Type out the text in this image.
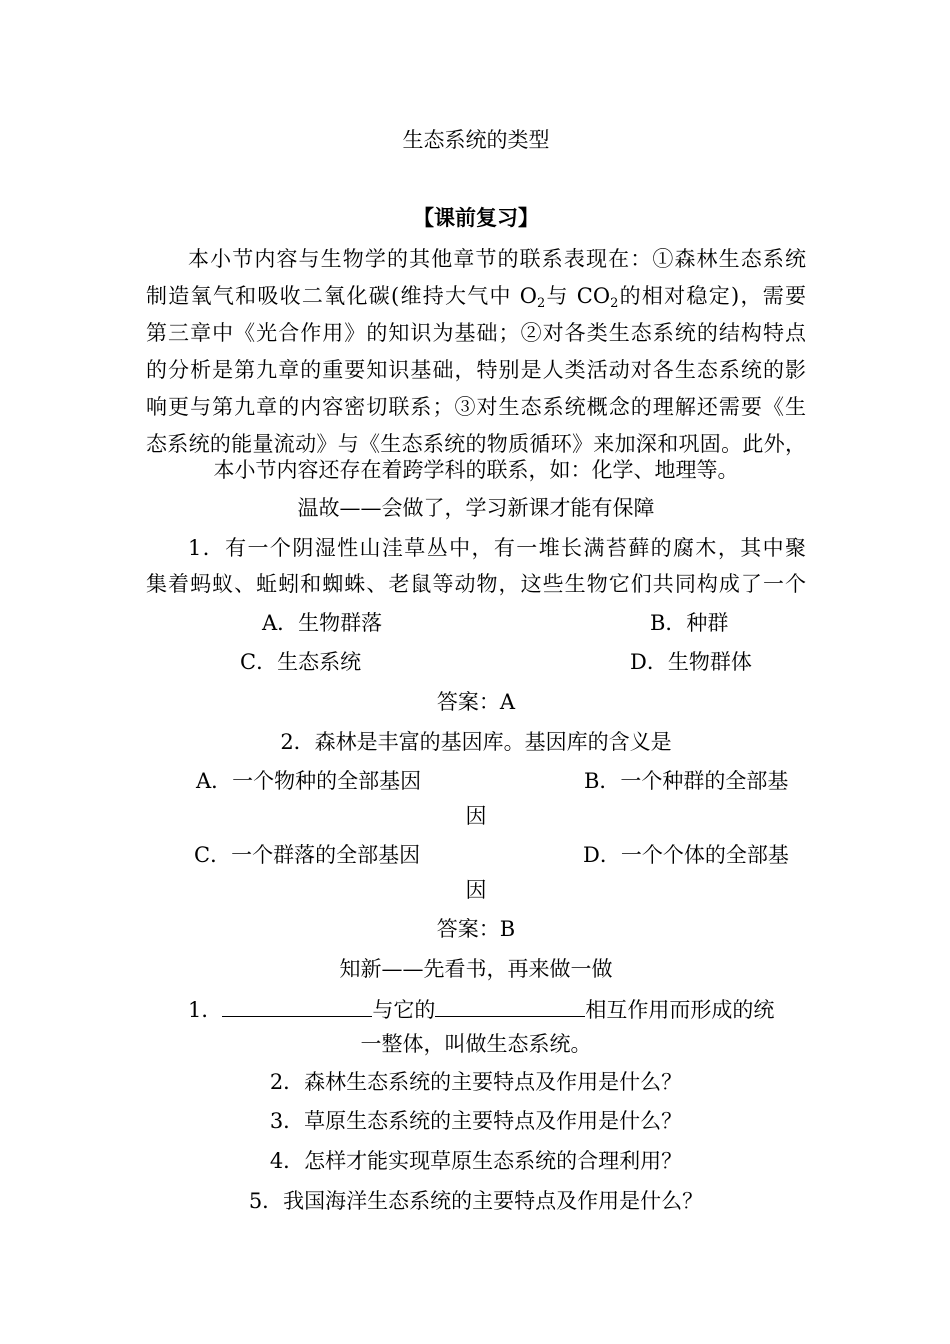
生态系统的类型
【课前复习】
本小节内容与生物学的其他章节的联系表现在：①森林生态系统
制造氧气和吸收二氧化碳(维持大气中 $O_2$与 $CO_2$的相对稳定)，需要
第三章中《光合作用》的知识为基础；②对各类生态系统的结构特点
的分析是第九章的重要知识基础，特别是人类活动对各生态系统的影
响更与第九章的内容密切联系；③对生态系统概念的理解还需要《生
态系统的能量流动》与《生态系统的物质循环》来加深和巩固。此外，
本小节内容还存在着跨学科的联系，如：化学、地理等。
温故——会做了，学习新课才能有保障
1．有一个阴湿性山洼草丛中，有一堆长满苔藓的腐木，其中聚
集着蚂蚁、蚯蚓和蜘蛛、老鼠等动物，这些生物它们共同构成了一个
A．生物群落	B．种群
C．生态系统	D．生物群体
答案：A
2．森林是丰富的基因库。基因库的含义是
A．一个物种的全部基因	B．一个种群的全部基
因
C．一个群落的全部基因	D．一个个体的全部基
因
答案：B
知新——先看书，再来做一做
1．	与它的	相互作用而形成的统
一整体，叫做生态系统。
2．森林生态系统的主要特点及作用是什么？
3．草原生态系统的主要特点及作用是什么？
4．怎样才能实现草原生态系统的合理利用？
5．我国海洋生态系统的主要特点及作用是什么？
